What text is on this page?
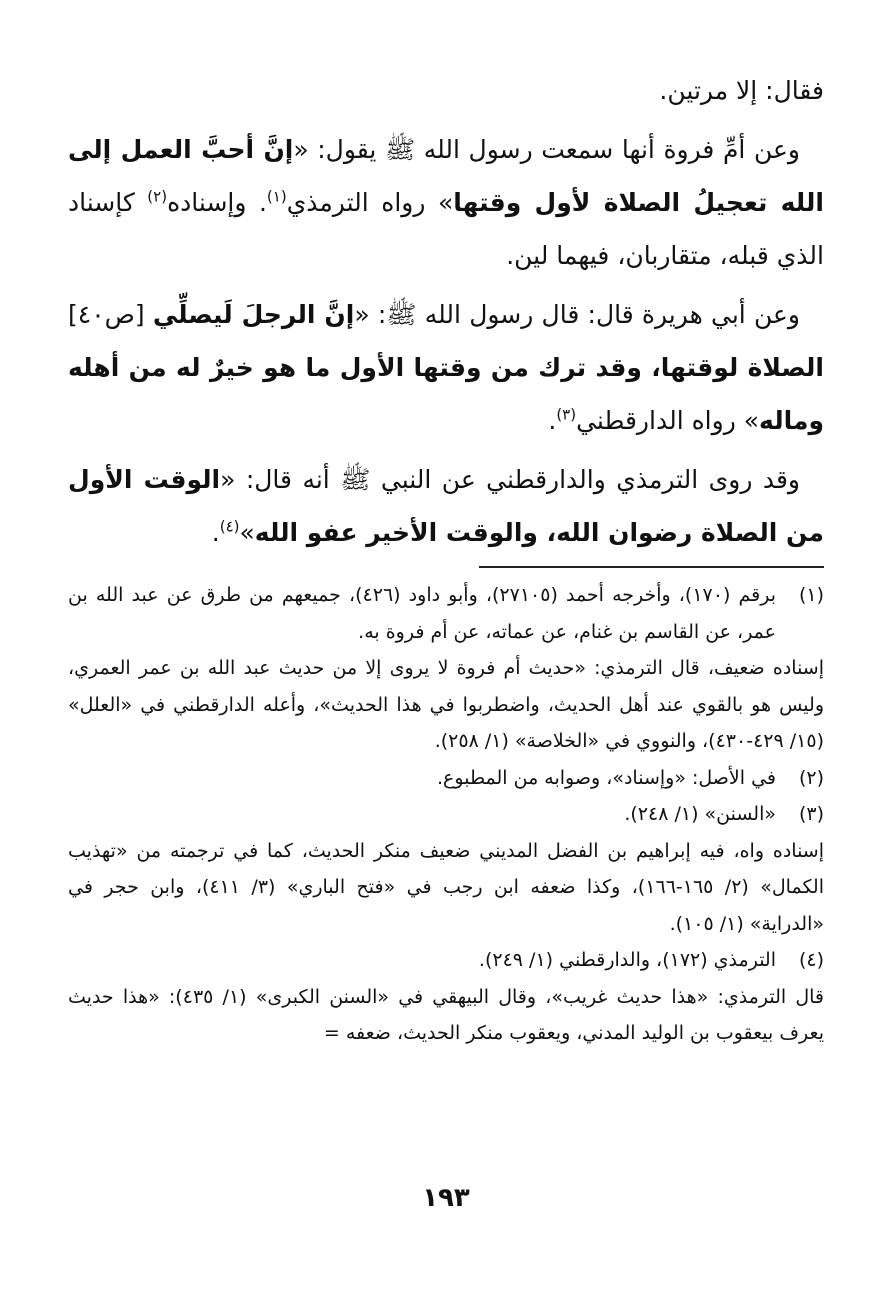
فقال: إلا مرتين.

وعن أمِّ فروة أنها سمعت رسول الله ﷺ يقول: «إنَّ أحبَّ العمل إلى الله تعجيلُ الصلاة لأول وقتها» رواه الترمذي$^{(١)}$. وإسناده$^{(٢)}$ كإسناد الذي قبله، متقاربان، فيهما لين.

وعن أبي هريرة قال: قال رسول الله ﷺ: «إنَّ الرجلَ لَيصلِّي [ص٤٠] الصلاة لوقتها، وقد ترك من وقتها الأول ما هو خيرٌ له من أهله وماله» رواه الدارقطني$^{(٣)}$.

وقد روى الترمذي والدارقطني عن النبي ﷺ أنه قال: «الوقت الأول من الصلاة رضوان الله، والوقت الأخير عفو الله»$^{(٤)}$.

(١)
برقم (١٧٠)، وأخرجه أحمد (٢٧١٠٥)، وأبو داود (٤٢٦)، جميعهم من طرق عن عبد الله بن عمر، عن القاسم بن غنام، عن عماته، عن أم فروة به.
إسناده ضعيف، قال الترمذي: «حديث أم فروة لا يروى إلا من حديث عبد الله بن عمر العمري، وليس هو بالقوي عند أهل الحديث، واضطربوا في هذا الحديث»، وأعله الدارقطني في «العلل» (١٥/ ٤٢٩-٤٣٠)، والنووي في «الخلاصة» (١/ ٢٥٨).
(٢)
في الأصل: «وإسناد»، وصوابه من المطبوع.
(٣)
«السنن» (١/ ٢٤٨).
إسناده واه، فيه إبراهيم بن الفضل المديني ضعيف منكر الحديث، كما في ترجمته من «تهذيب الكمال» (٢/ ١٦٥-١٦٦)، وكذا ضعفه ابن رجب في «فتح الباري» (٣/ ٤١١)، وابن حجر في «الدراية» (١/ ١٠٥).
(٤)
الترمذي (١٧٢)، والدارقطني (١/ ٢٤٩).
قال الترمذي: «هذا حديث غريب»، وقال البيهقي في «السنن الكبرى» (١/ ٤٣٥): «هذا حديث يعرف بيعقوب بن الوليد المدني، ويعقوب منكر الحديث، ضعفه =
١٩٣
